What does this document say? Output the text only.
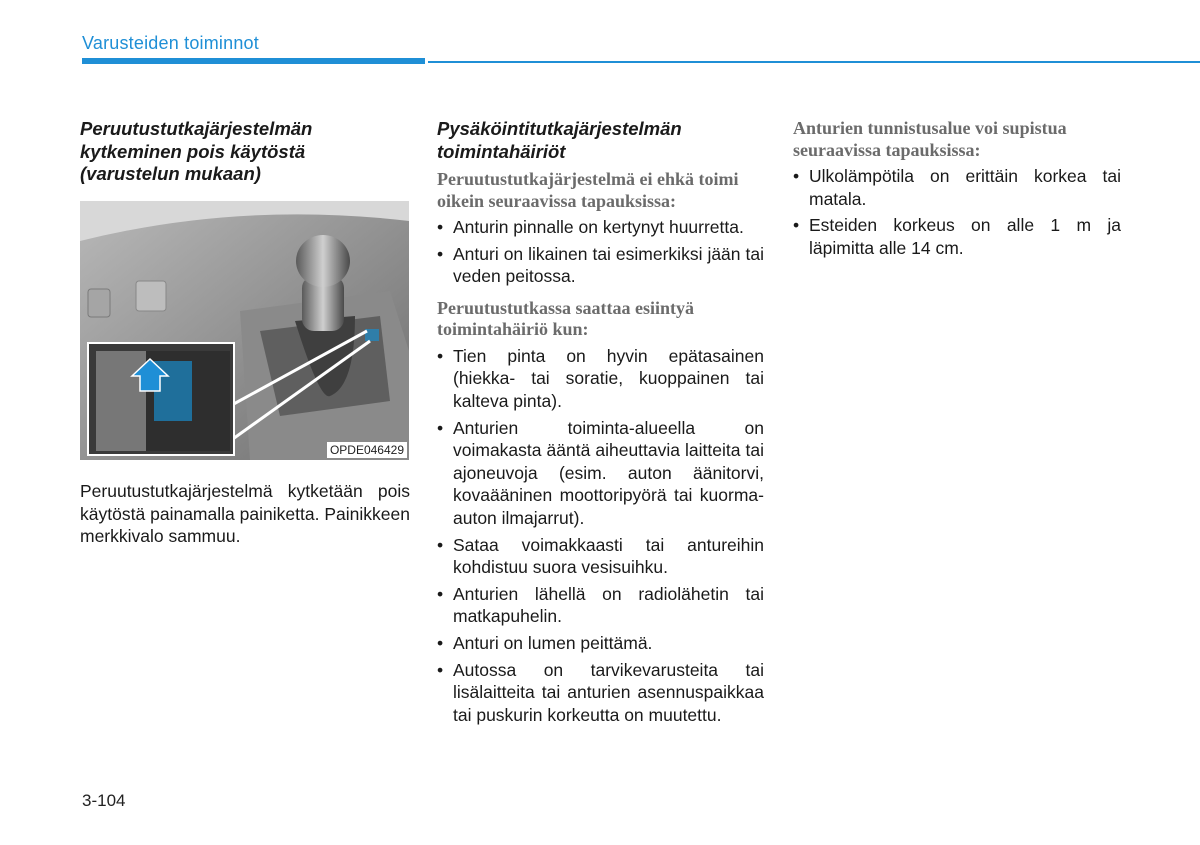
Varusteiden toiminnot

Peruutustutkajärjestelmän kytkeminen pois käytöstä (varustelun mukaan)

OPDE046429

Peruutustutkajärjestelmä kytketään pois käytöstä painamalla painiketta. Painikkeen merkkivalo sammuu.

Pysäköintitutkajärjestelmän toimintahäiriöt

Peruutustutkajärjestelmä ei ehkä toimi oikein seuraavissa tapauksissa:

• Anturin pinnalle on kertynyt huurretta.
• Anturi on likainen tai esimerkiksi jään tai veden peitossa.

Peruutustutkassa saattaa esiintyä toimintahäiriö kun:

• Tien pinta on hyvin epätasainen (hiekka- tai soratie, kuoppainen tai kalteva pinta).
• Anturien toiminta-alueella on voimakasta ääntä aiheuttavia laitteita tai ajoneuvoja (esim. auton äänitorvi, kovaääninen moottoripyörä tai kuorma-auton ilmajarrut).
• Sataa voimakkaasti tai antureihin kohdistuu suora vesisuihku.
• Anturien lähellä on radiolähetin tai matkapuhelin.
• Anturi on lumen peittämä.
• Autossa on tarvikevarusteita tai lisälaitteita tai anturien asennuspaikkaa tai puskurin korkeutta on muutettu.

Anturien tunnistusalue voi supistua seuraavissa tapauksissa:

• Ulkolämpötila on erittäin korkea tai matala.
• Esteiden korkeus on alle 1 m ja läpimitta alle 14 cm.
3-104
